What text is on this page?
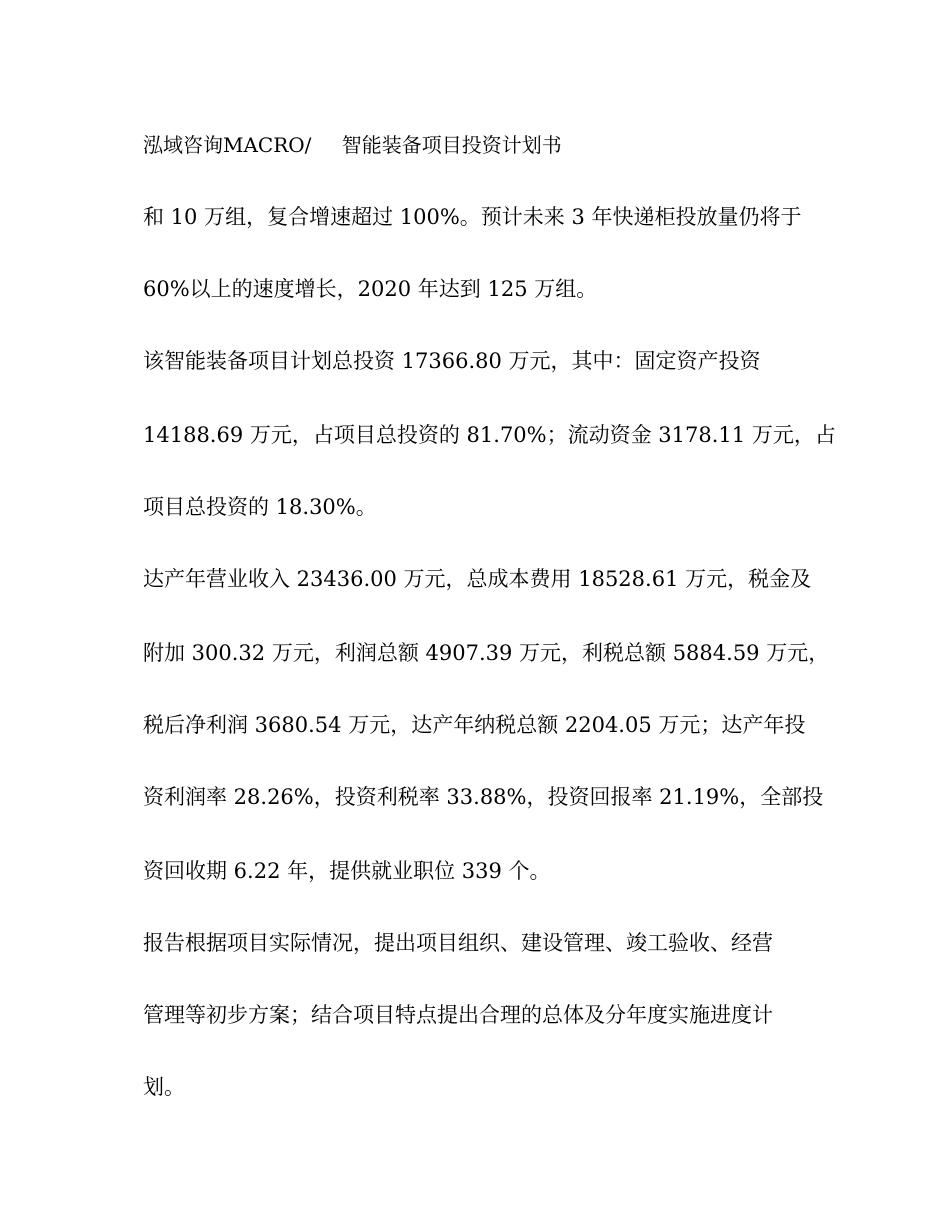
泓域咨询MACRO/ 智能装备项目投资计划书
和 10 万组，复合增速超过 100%。预计未来 3 年快递柜投放量仍将于
60%以上的速度增长，2020 年达到 125 万组。
该智能装备项目计划总投资 17366.80 万元，其中：固定资产投资
14188.69 万元，占项目总投资的 81.70%；流动资金 3178.11 万元，占
项目总投资的 18.30%。
达产年营业收入 23436.00 万元，总成本费用 18528.61 万元，税金及
附加 300.32 万元，利润总额 4907.39 万元，利税总额 5884.59 万元，
税后净利润 3680.54 万元，达产年纳税总额 2204.05 万元；达产年投
资利润率 28.26%，投资利税率 33.88%，投资回报率 21.19%，全部投
资回收期 6.22 年，提供就业职位 339 个。
报告根据项目实际情况，提出项目组织、建设管理、竣工验收、经营
管理等初步方案；结合项目特点提出合理的总体及分年度实施进度计
划。
